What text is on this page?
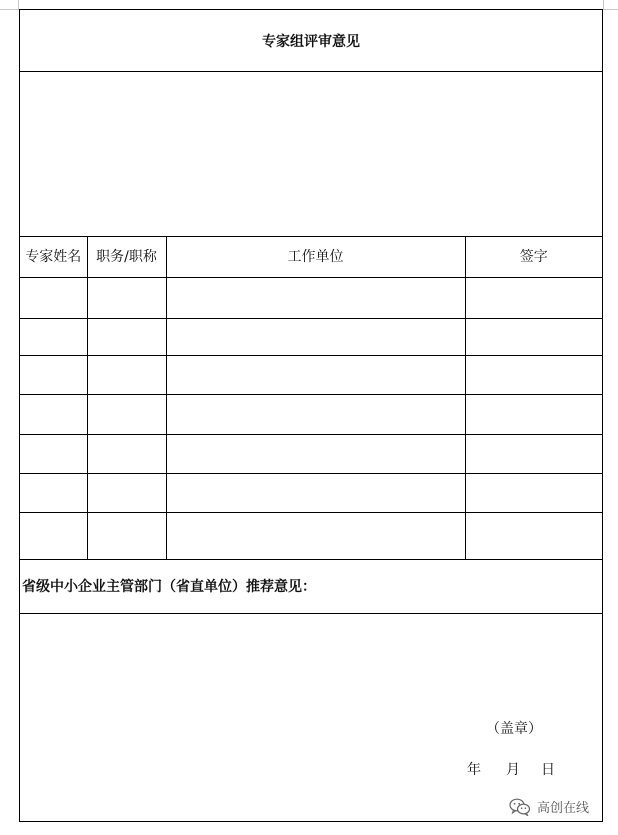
专家组评审意见
专家姓名	职务/职称	工作单位	签字

省级中小企业主管部门（省直单位）推荐意见：
（盖章）
年 月 日
高创在线
